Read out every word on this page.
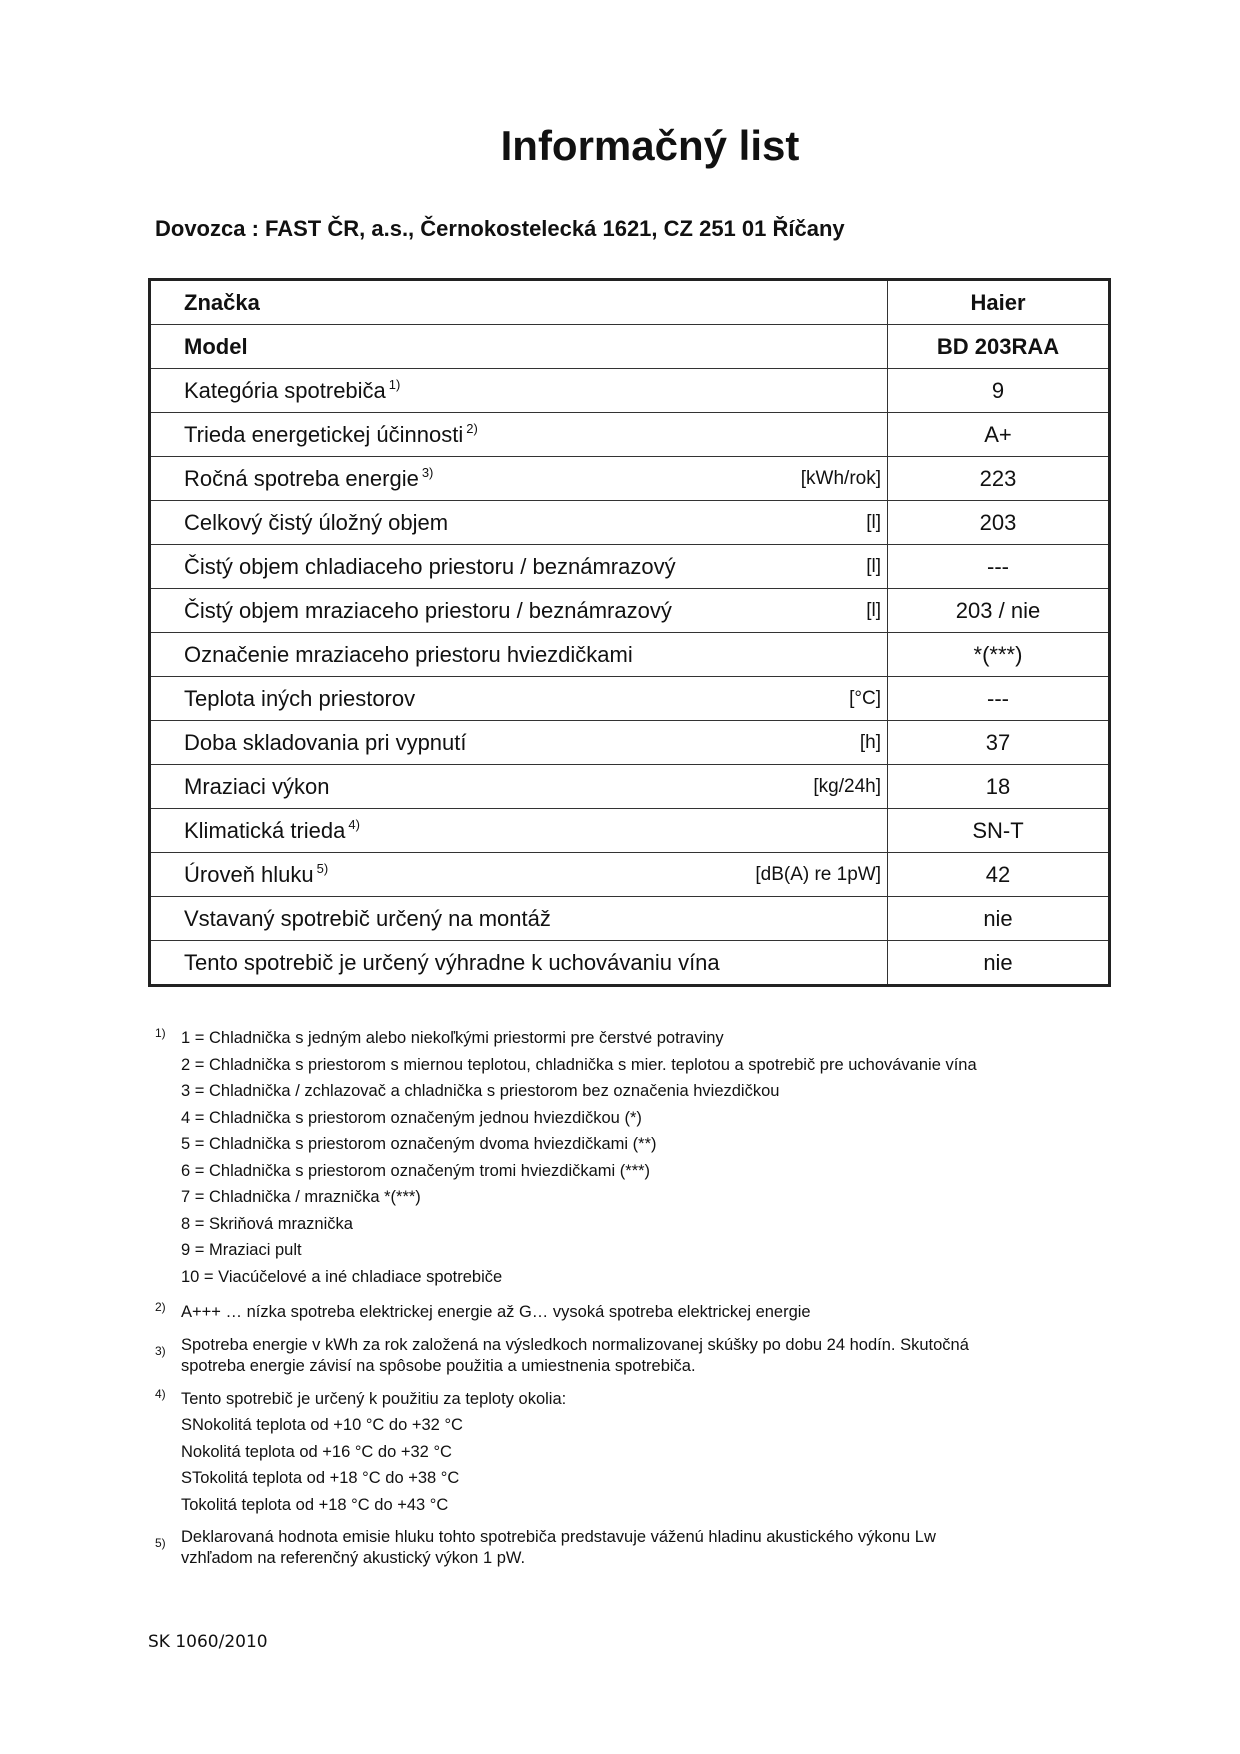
Informačný list
Dovozca : FAST ČR, a.s., Černokostelecká 1621, CZ 251 01 Říčany
Značka	Haier
Model	BD 203RAA
Kategória spotrebiča $^{1)}$	9
Trieda energetickej účinnosti $^{2)}$	A+
Ročná spotreba energie $^{3)}$ [kWh/rok]	223
Celkový čistý úložný objem [l]	203
Čistý objem chladiaceho priestoru / beznámrazový [l]	---
Čistý objem mraziaceho priestoru / beznámrazový [l]	203 / nie
Označenie mraziaceho priestoru hviezdičkami	*(***)
Teplota iných priestorov [°C]	---
Doba skladovania pri vypnutí [h]	37
Mraziaci výkon [kg/24h]	18
Klimatická trieda $^{4)}$	SN-T
Úroveň hluku $^{5)}$ [dB(A) re 1pW]	42
Vstavaný spotrebič určený na montáž	nie
Tento spotrebič je určený výhradne k uchovávaniu vína	nie
1) 1 = Chladnička s jedným alebo niekoľkými priestormi pre čerstvé potraviny
2 = Chladnička s priestorom s miernou teplotou, chladnička s mier. teplotou a spotrebič pre uchovávanie vína
3 = Chladnička / zchlazovač a chladnička s priestorom bez označenia hviezdičkou
4 = Chladnička s priestorom označeným jednou hviezdičkou (*)
5 = Chladnička s priestorom označeným dvoma hviezdičkami (**)
6 = Chladnička s priestorom označeným tromi hviezdičkami (***)
7 = Chladnička / mraznička *(***)
8 = Skriňová mraznička
9 = Mraziaci pult
10 = Viacúčelové a iné chladiace spotrebiče
2) A+++ … nízka spotreba elektrickej energie až G… vysoká spotreba elektrickej energie
3) Spotreba energie v kWh za rok založená na výsledkoch normalizovanej skúšky po dobu 24 hodín. Skutočná
spotreba energie závisí na spôsobe použitia a umiestnenia spotrebiča.
4) Tento spotrebič je určený k použitiu za teploty okolia:
SNokolitá teplota od +10 °C do +32 °C
Nokolitá teplota od +16 °C do +32 °C
STokolitá teplota od +18 °C do +38 °C
Tokolitá teplota od +18 °C do +43 °C
5) Deklarovaná hodnota emisie hluku tohto spotrebiča predstavuje váženú hladinu akustického výkonu Lw
vzhľadom na referenčný akustický výkon 1 pW.
SK 1060/2010
